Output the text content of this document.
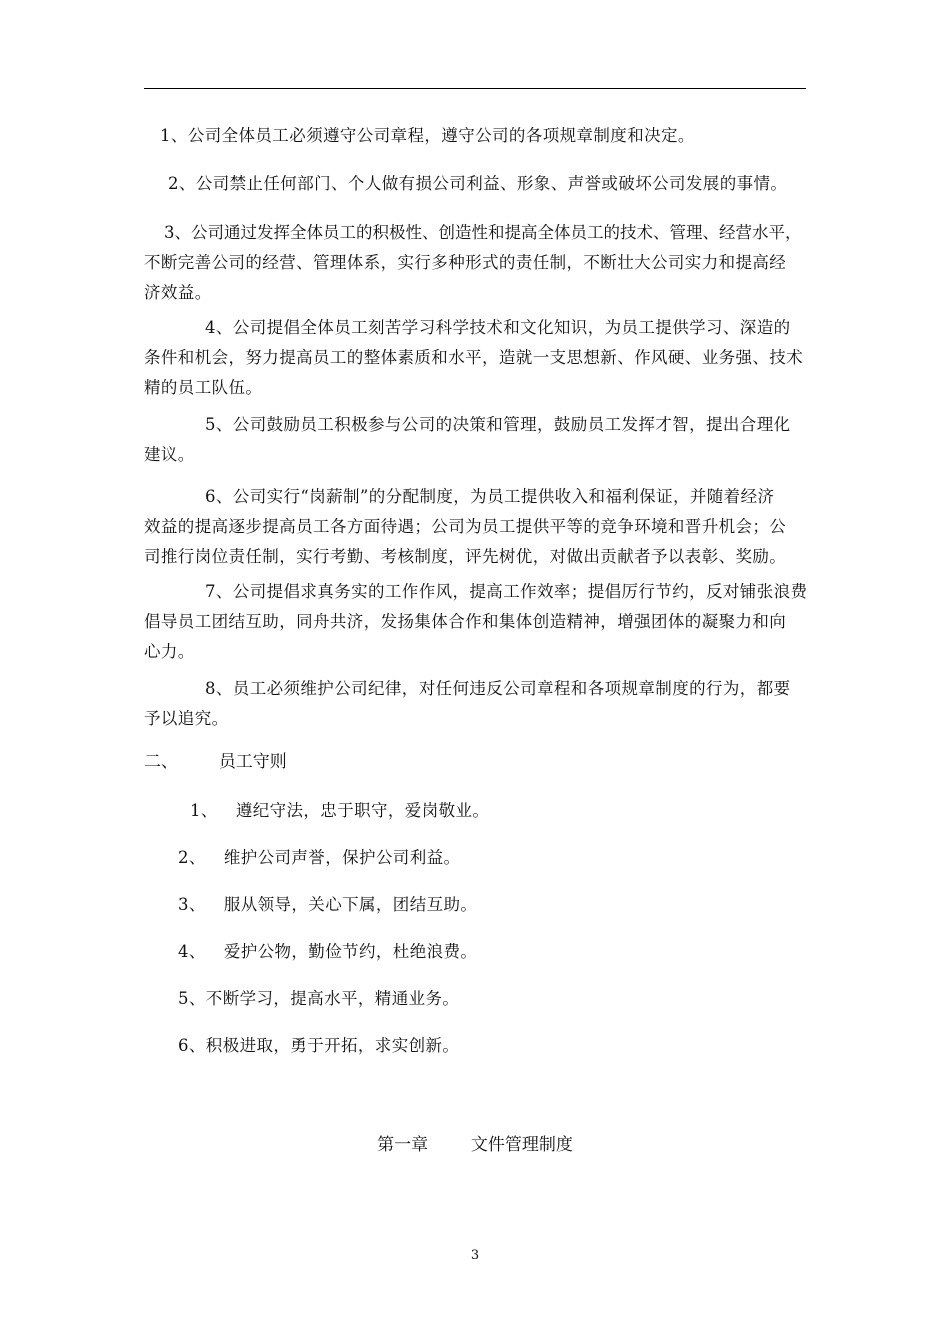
1、公司全体员工必须遵守公司章程，遵守公司的各项规章制度和决定。
2、公司禁止任何部门、个人做有损公司利益、形象、声誉或破坏公司发展的事情。
3、公司通过发挥全体员工的积极性、创造性和提高全体员工的技术、管理、经营水平，
不断完善公司的经营、管理体系，实行多种形式的责任制，不断壮大公司实力和提高经
济效益。
4、公司提倡全体员工刻苦学习科学技术和文化知识，为员工提供学习、深造的
条件和机会，努力提高员工的整体素质和水平，造就一支思想新、作风硬、业务强、技术
精的员工队伍。
5、公司鼓励员工积极参与公司的决策和管理，鼓励员工发挥才智，提出合理化
建议。
6、公司实行“岗薪制”的分配制度，为员工提供收入和福利保证，并随着经济
效益的提高逐步提高员工各方面待遇；公司为员工提供平等的竞争环境和晋升机会；公
司推行岗位责任制，实行考勤、考核制度，评先树优，对做出贡献者予以表彰、奖励。
7、公司提倡求真务实的工作作风，提高工作效率；提倡厉行节约，反对铺张浪费
倡导员工团结互助，同舟共济，发扬集体合作和集体创造精神，增强团体的凝聚力和向
心力。
8、员工必须维护公司纪律，对任何违反公司章程和各项规章制度的行为，都要
予以追究。
二、 员工守则
1、 遵纪守法，忠于职守，爱岗敬业。
2、 维护公司声誉，保护公司利益。
3、 服从领导，关心下属，团结互助。
4、 爱护公物，勤俭节约，杜绝浪费。
5、不断学习，提高水平，精通业务。
6、积极进取，勇于开拓，求实创新。
第一章	文件管理制度
3
